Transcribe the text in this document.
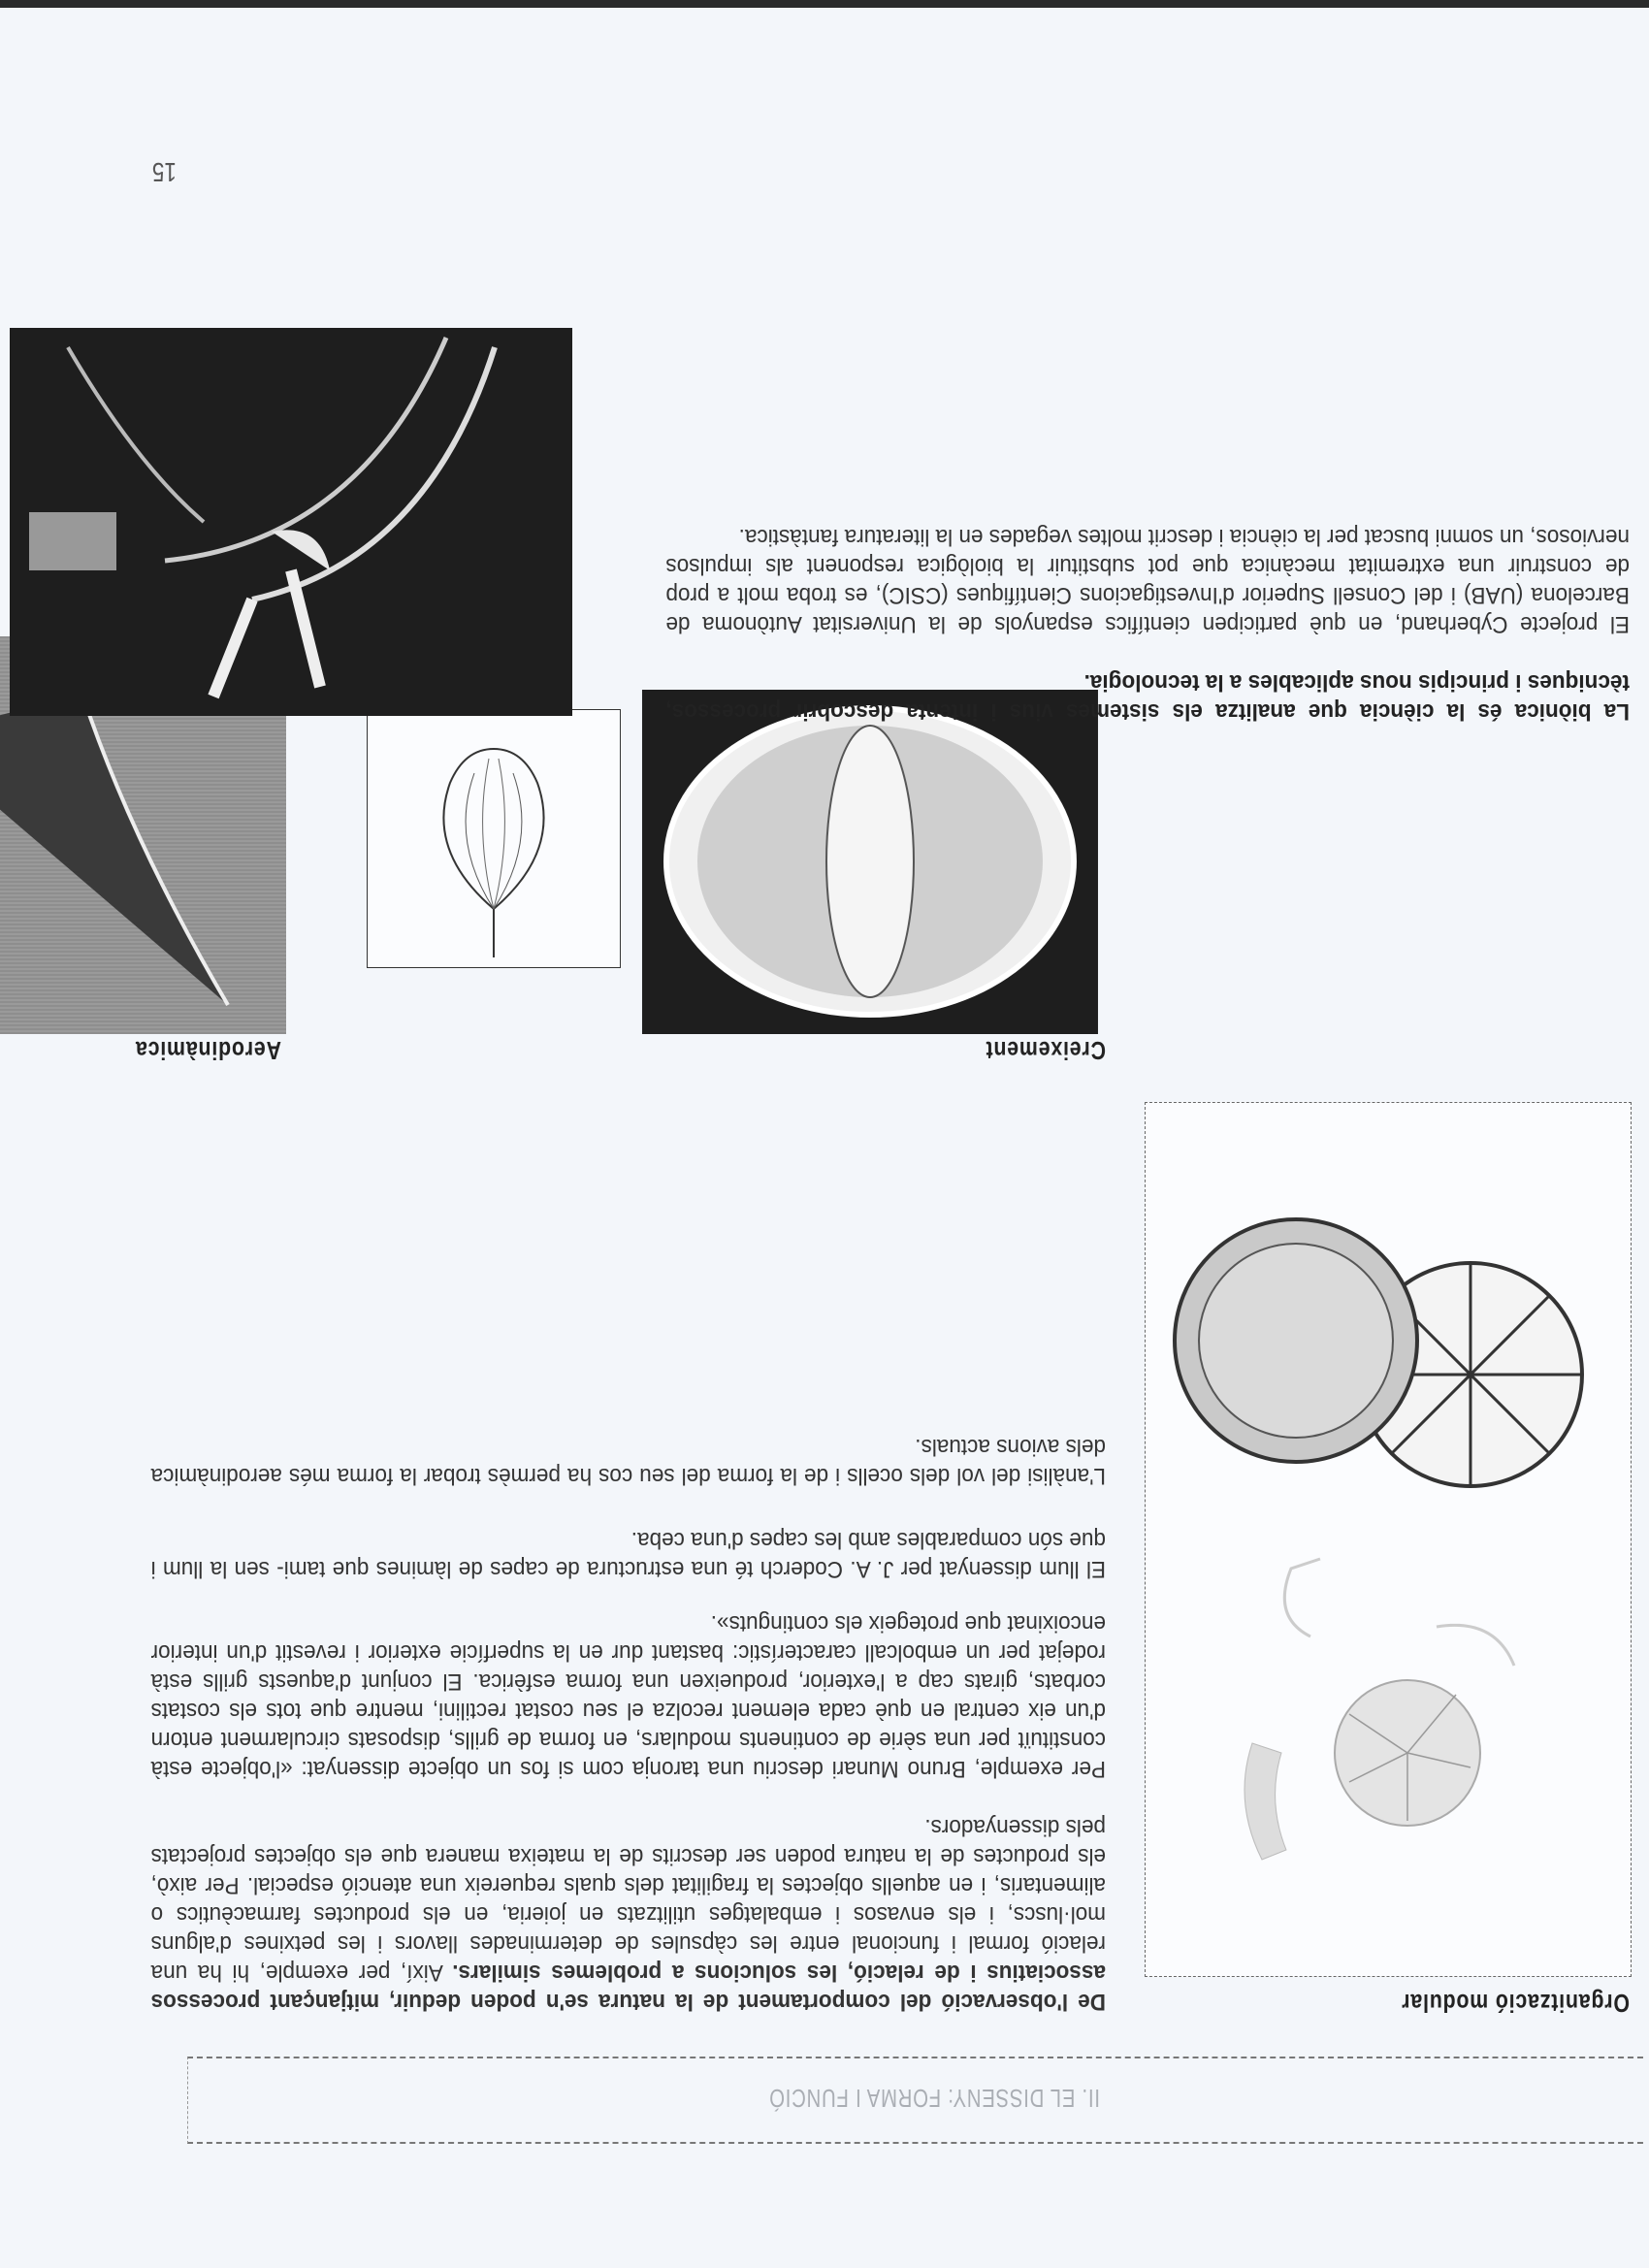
II. EL DISSENY: FORMA I FUNCIÓ
Organització modular

De l'observació del comportament de la natura se'n poden deduir, mitjançant processos associatius i de relació, les solucions a problemes similars. Així, per exemple, hi ha una relació formal i funcional entre les càpsules de determinades llavors i les petxines d'alguns mol·luscs, i els envasos i embalatges utilitzats en joieria, en els productes farmacèutics o alimentaris, i en aquells objectes la fragilitat dels quals requereix una atenció especial. Per això, els productes de la natura poden ser descrits de la mateixa manera que els objectes projectats pels dissenyadors.

Per exemple, Bruno Munari descriu una taronja com si fos un objecte dissenyat: «l'objecte està constituït per una sèrie de continents modulars, en forma de grills, disposats circularment entorn d'un eix central en què cada element recolza el seu costat rectilini, mentre que tots els costats corbats, girats cap a l'exterior, produeixen una forma esfèrica. El conjunt d'aquests grills està rodejat per un embolcall característic: bastant dur en la superfície exterior i revestit d'un interior encoixinat que protegeix els continguts».

El llum dissenyat per J. A. Coderch té una estructura de capes de làmines que tami- sen la llum i que són comparables amb les capes d'una ceba.

L'anàlisi del vol dels ocells i de la forma del seu cos ha permès trobar la forma més aerodinàmica dels avions actuals.

Creixement
Aerodinàmica

La biònica és la ciència que analitza els sistemes vius i intenta descobrir processos, tècniques i principis nous aplicables a la tecnologia.

El projecte Cyberhand, en què participen científics espanyols de la Universitat Autònoma de Barcelona (UAB) i del Consell Superior d'Investigacions Científiques (CSIC), es troba molt a prop de construir una extremitat mecànica que pot substituir la biològica responent als impulsos nerviosos, un somni buscat per la ciència i descrit moltes vegades en la literatura fantàstica.

15
